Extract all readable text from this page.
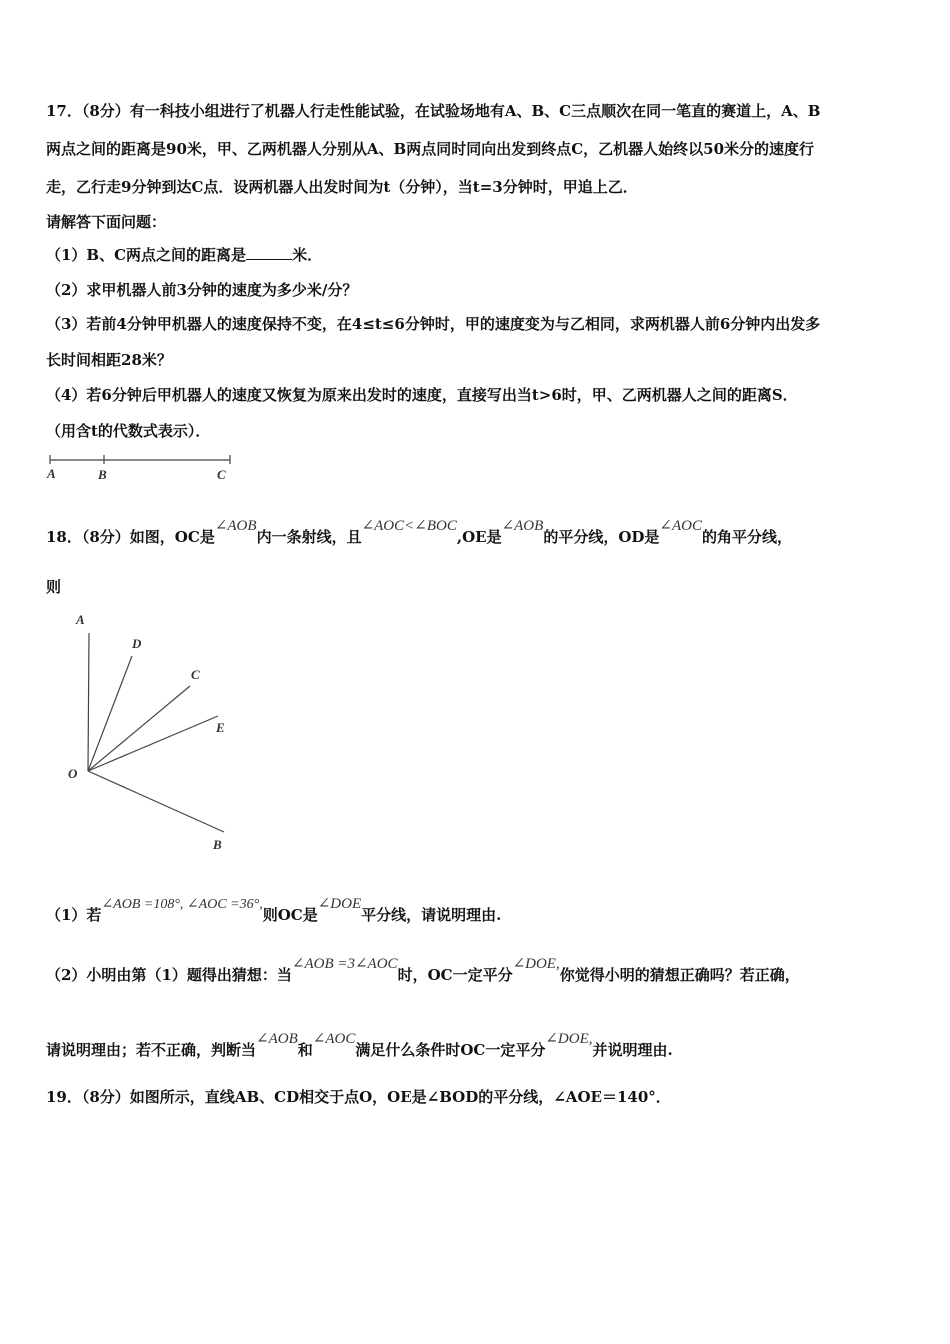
17．（8分）有一科技小组进行了机器人行走性能试验，在试验场地有A、B、C三点顺次在同一笔直的赛道上，A、B
两点之间的距离是90米，甲、乙两机器人分别从A、B两点同时同向出发到终点C，乙机器人始终以50米分的速度行
走，乙行走9分钟到达C点．设两机器人出发时间为t（分钟），当t=3分钟时，甲追上乙．
请解答下面问题：
（1）B、C两点之间的距离是	米．
（2）求甲机器人前3分钟的速度为多少米/分？
（3）若前4分钟甲机器人的速度保持不变，在4≤t≤6分钟时，甲的速度变为与乙相同，求两机器人前6分钟内出发多
长时间相距28米？
（4）若6分钟后甲机器人的速度又恢复为原来出发时的速度，直接写出当t>6时，甲、乙两机器人之间的距离S．
（用含t的代数式表示）．
A	B	C
18．（8分）如图，OC是∠AOB内一条射线，且∠AOC<∠BOC,OE是∠AOB的平分线，OD是∠AOC的角平分线，
则
A
D
C
E
O
B
（1）若∠AOB =108°, ∠AOC =36°,则OC是∠DOE平分线，请说明理由.
（2）小明由第（1）题得出猜想：当∠AOB =3∠AOC时，OC一定平分∠DOE,你觉得小明的猜想正确吗？若正确，
请说明理由；若不正确，判断当∠AOB和∠AOC满足什么条件时OC一定平分∠DOE,并说明理由.
19．（8分）如图所示，直线AB、CD相交于点O，OE是∠BOD的平分线，∠AOE＝140°．
